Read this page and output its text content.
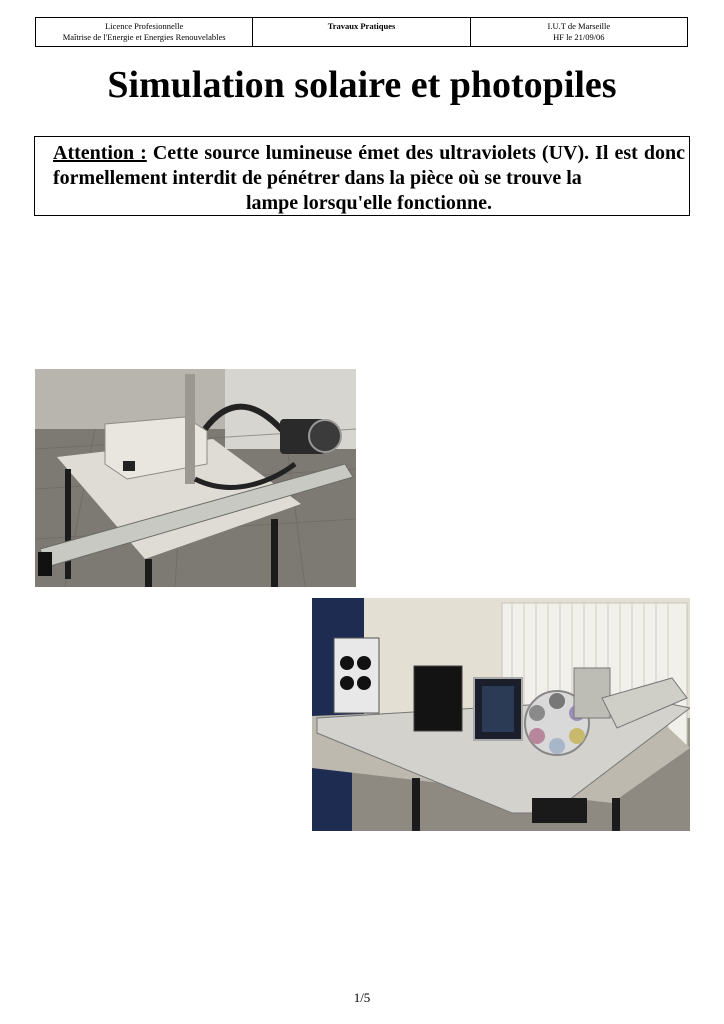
Licence Profesionnelle
Maîtrise de l'Energie et Energies Renouvelables
Travaux Pratiques	I.U.T de Marseille
HF le 21/09/06
Simulation solaire et photopiles
Attention : Cette source lumineuse émet des ultraviolets (UV). Il est donc formellement interdit de pénétrer dans la pièce où se trouve la
lampe lorsqu'elle fonctionne.
1/5
